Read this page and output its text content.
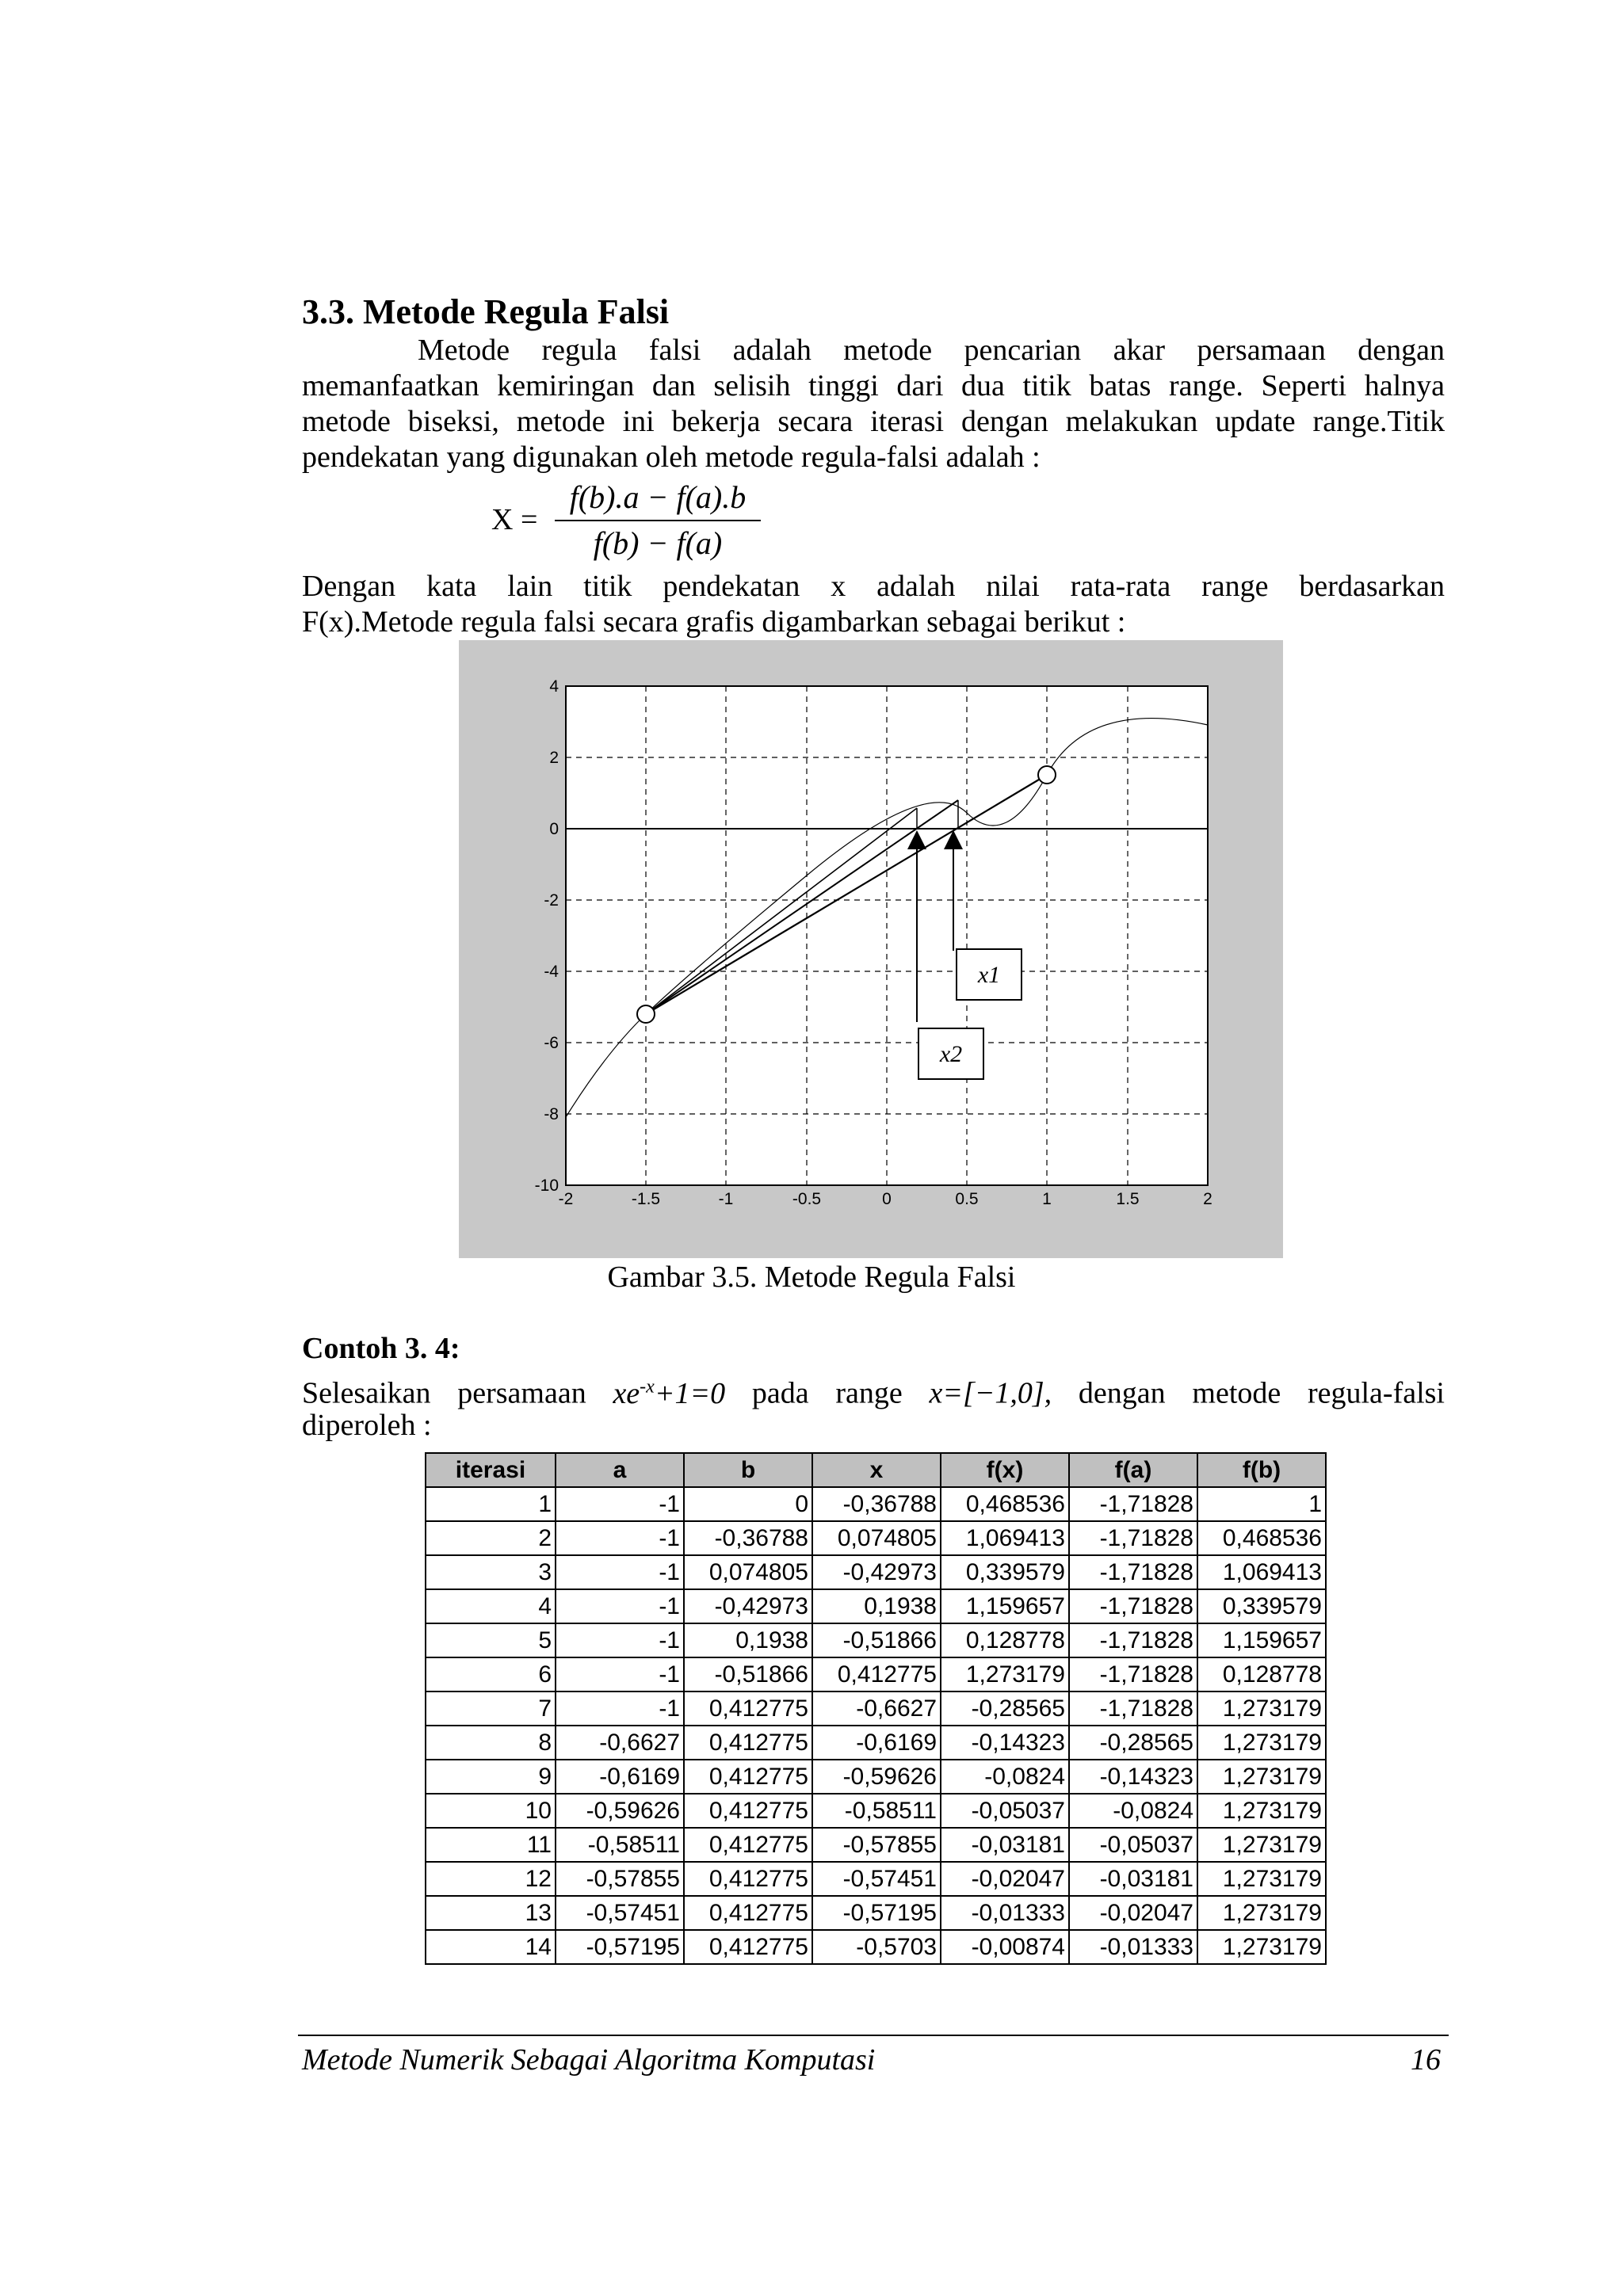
3.3. Metode Regula Falsi
Metode regula falsi adalah metode pencarian akar persamaan dengan
memanfaatkan kemiringan dan selisih tinggi dari dua titik batas range. Seperti halnya
metode biseksi, metode ini bekerja secara iterasi dengan melakukan update range.Titik
pendekatan yang digunakan oleh metode regula-falsi adalah :
X =
f(b).a − f(a).b
f(b) − f(a)
Dengan kata lain titik pendekatan x adalah nilai rata-rata range berdasarkan
F(x).Metode regula falsi secara grafis digambarkan sebagai berikut :
-2	-1.5	-1	-0.5	0	0.5	1	1.5	2
4
2
0
-2
-4
-6
-8
-10
x1
x2
Gambar 3.5. Metode Regula Falsi
Contoh 3. 4:
Selesaikan persamaan $xe^{-x}+1=0$ pada range x=[−1,0], dengan metode regula-falsi
diperoleh :
iterasi	a	b	x	f(x)	f(a)	f(b)
1	-1	0	-0,36788	0,468536	-1,71828	1
2	-1	-0,36788	0,074805	1,069413	-1,71828	0,468536
3	-1	0,074805	-0,42973	0,339579	-1,71828	1,069413
4	-1	-0,42973	0,1938	1,159657	-1,71828	0,339579
5	-1	0,1938	-0,51866	0,128778	-1,71828	1,159657
6	-1	-0,51866	0,412775	1,273179	-1,71828	0,128778
7	-1	0,412775	-0,6627	-0,28565	-1,71828	1,273179
8	-0,6627	0,412775	-0,6169	-0,14323	-0,28565	1,273179
9	-0,6169	0,412775	-0,59626	-0,0824	-0,14323	1,273179
10	-0,59626	0,412775	-0,58511	-0,05037	-0,0824	1,273179
11	-0,58511	0,412775	-0,57855	-0,03181	-0,05037	1,273179
12	-0,57855	0,412775	-0,57451	-0,02047	-0,03181	1,273179
13	-0,57451	0,412775	-0,57195	-0,01333	-0,02047	1,273179
14	-0,57195	0,412775	-0,5703	-0,00874	-0,01333	1,273179
Metode Numerik Sebagai Algoritma Komputasi	16
